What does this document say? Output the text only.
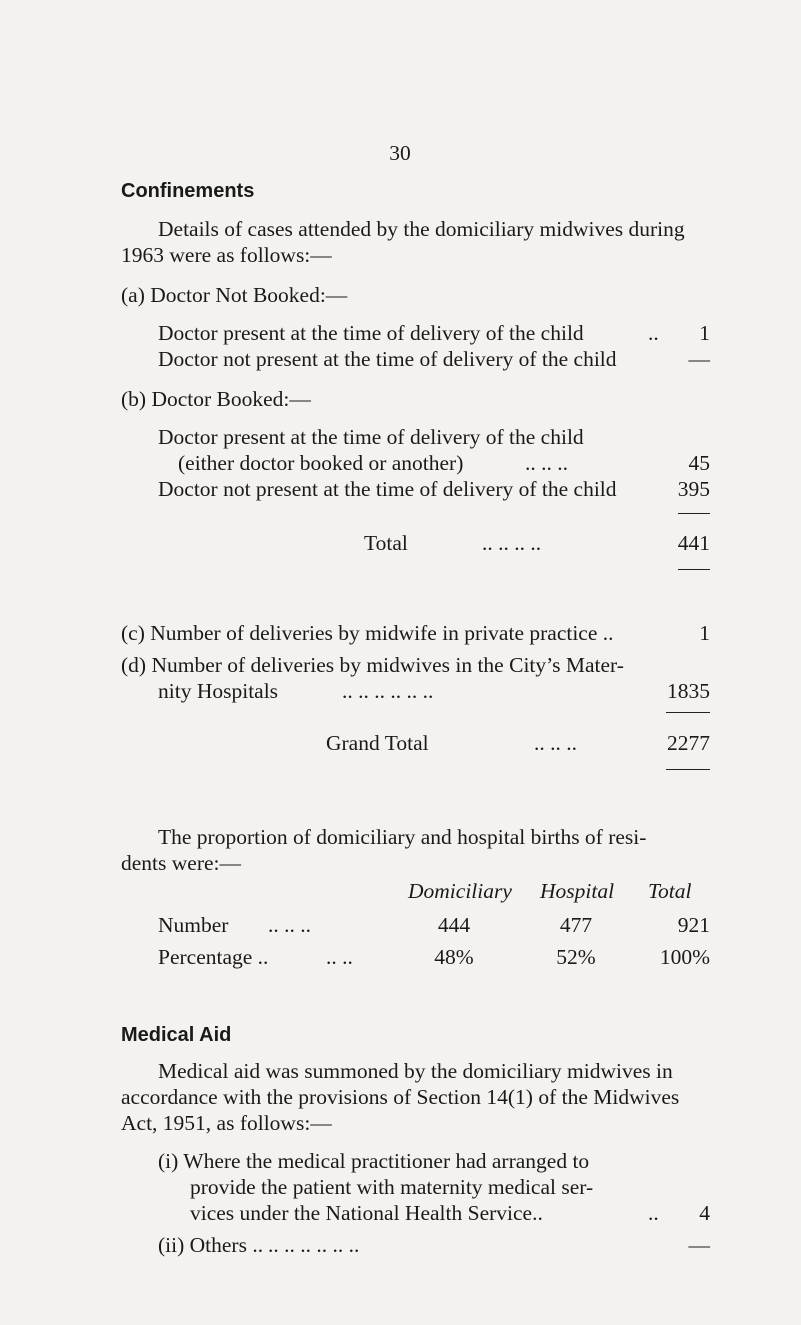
30
Confinements
Details of cases attended by the domiciliary midwives during
1963 were as follows:—
(a) Doctor Not Booked:—
Doctor present at the time of delivery of the child	..	1
Doctor not present at the time of delivery of the child	—
(b) Doctor Booked:—
Doctor present at the time of delivery of the child
(either doctor booked or another)	.. .. ..	45
Doctor not present at the time of delivery of the child	395
Total	.. .. .. ..	441
(c) Number of deliveries by midwife in private practice ..	1
(d) Number of deliveries by midwives in the City’s Mater-
nity Hospitals	.. .. .. .. .. ..	1835
Grand Total	.. .. ..	2277
The proportion of domiciliary and hospital births of resi-
dents were:—
Domiciliary Hospital Total
Number .. .. ..	444	477	921
Percentage ..	.. ..	48%	52%	100%
Medical Aid
Medical aid was summoned by the domiciliary midwives in
accordance with the provisions of Section 14(1) of the Midwives
Act, 1951, as follows:—
(i) Where the medical practitioner had arranged to
provide the patient with maternity medical ser-
vices under the National Health Service..	..	4
(ii) Others .. .. .. .. .. .. ..	—
